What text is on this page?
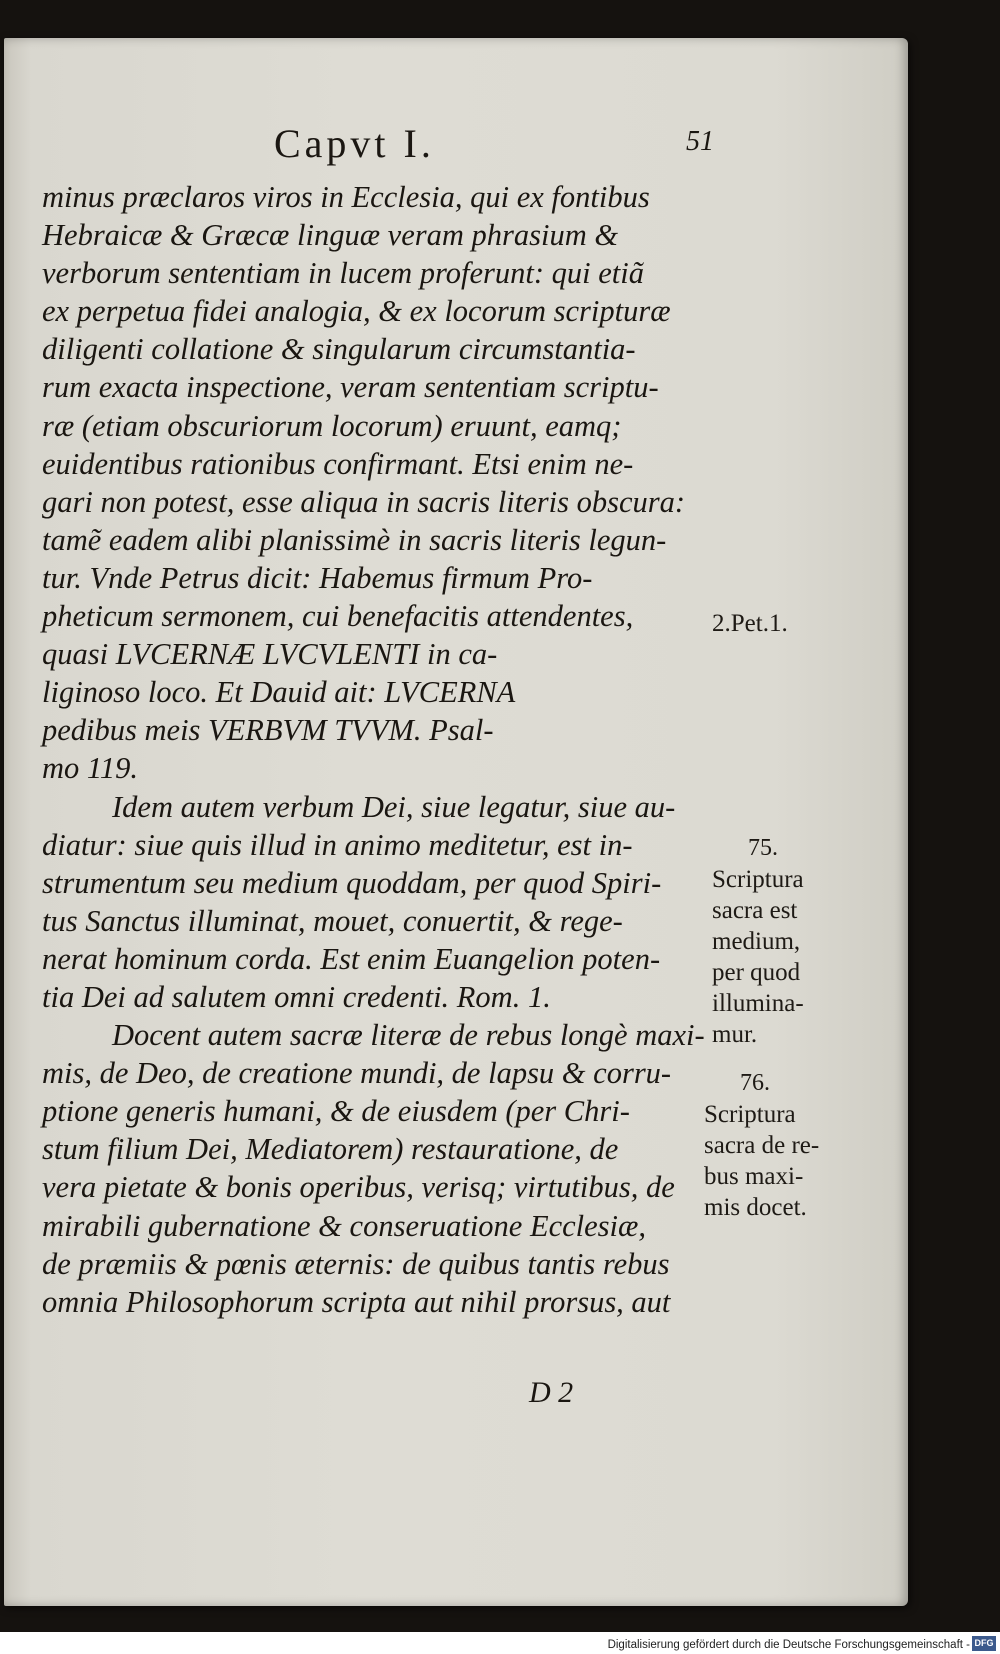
Capvt I.	51
minus præclaros viros in Ecclesia, qui ex fontibus
Hebraicæ & Græcæ linguæ veram phrasium &
verborum sententiam in lucem proferunt: qui etiã
ex perpetua fidei analogia, & ex locorum scripturæ
diligenti collatione & singularum circumstantia-
rum exacta inspectione, veram sententiam scriptu-
ræ (etiam obscuriorum locorum) eruunt, eamq;
euidentibus rationibus confirmant. Etsi enim ne-
gari non potest, esse aliqua in sacris literis obscura:
tamẽ eadem alibi planissimè in sacris literis legun-
tur. Vnde Petrus dicit: Habemus firmum Pro-
pheticum sermonem, cui benefacitis attendentes,
quasi LVCERNÆ LVCVLENTI in ca-
liginoso loco. Et Dauid ait: LVCERNA
pedibus meis VERBVM TVVM. Psal-
mo 119.
Idem autem verbum Dei, siue legatur, siue au-
diatur: siue quis illud in animo meditetur, est in-
strumentum seu medium quoddam, per quod Spiri-
tus Sanctus illuminat, mouet, conuertit, & rege-
nerat hominum corda. Est enim Euangelion poten-
tia Dei ad salutem omni credenti. Rom. 1.
Docent autem sacræ literæ de rebus longè maxi-
mis, de Deo, de creatione mundi, de lapsu & corru-
ptione generis humani, & de eiusdem (per Chri-
stum filium Dei, Mediatorem) restauratione, de
vera pietate & bonis operibus, verisq; virtutibus, de
mirabili gubernatione & conseruatione Ecclesiæ,
de præmiis & pœnis æternis: de quibus tantis rebus
omnia Philosophorum scripta aut nihil prorsus, aut
2.Pet.1.
75.
Scriptura
sacra est
medium,
per quod
illumina-
mur.
76.
Scriptura
sacra de re-
bus maxi-
mis docet.
D 2
Digitalisierung gefördert durch die Deutsche Forschungsgemeinschaft - DFG
